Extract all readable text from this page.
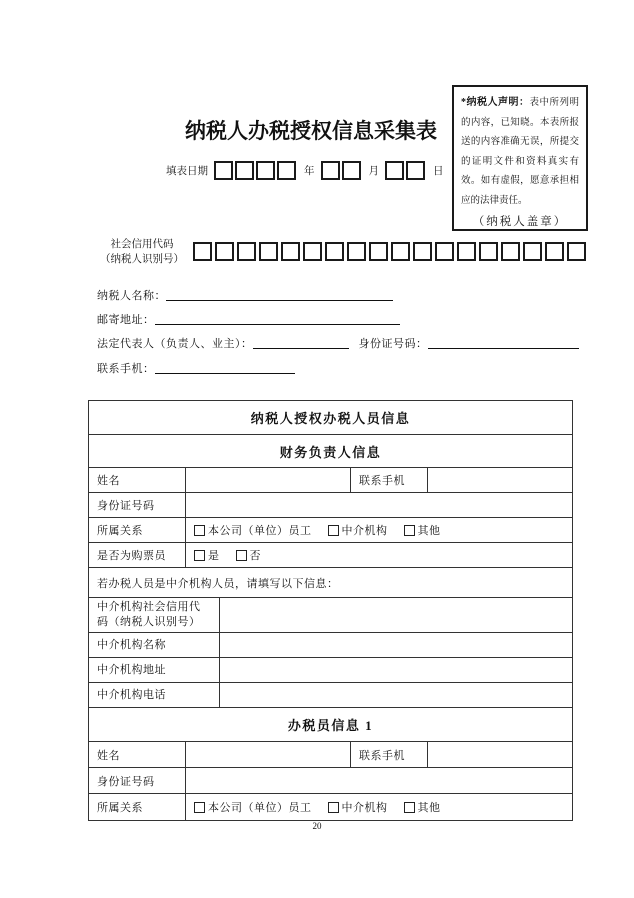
*纳税人声明：表中所列明的内容，已知晓。本表所报送的内容准确无误，所提交的证明文件和资料真实有效。如有虚假，愿意承担相应的法律责任。
（纳税人盖章）
纳税人办税授权信息采集表
填表日期	年	月	日
社会信用代码
（纳税人识别号）
纳税人名称：
邮寄地址：
法定代表人（负责人、业主）：	身份证号码：
联系手机：
纳税人授权办税人员信息
财务负责人信息
姓名	联系手机
身份证号码
所属关系	本公司（单位）员工	中介机构	其他
是否为购票员	是	否
若办税人员是中介机构人员，请填写以下信息：
中介机构社会信用代码（纳税人识别号）
中介机构名称
中介机构地址
中介机构电话
办税员信息 1
姓名	联系手机
身份证号码
所属关系	本公司（单位）员工	中介机构	其他
20
